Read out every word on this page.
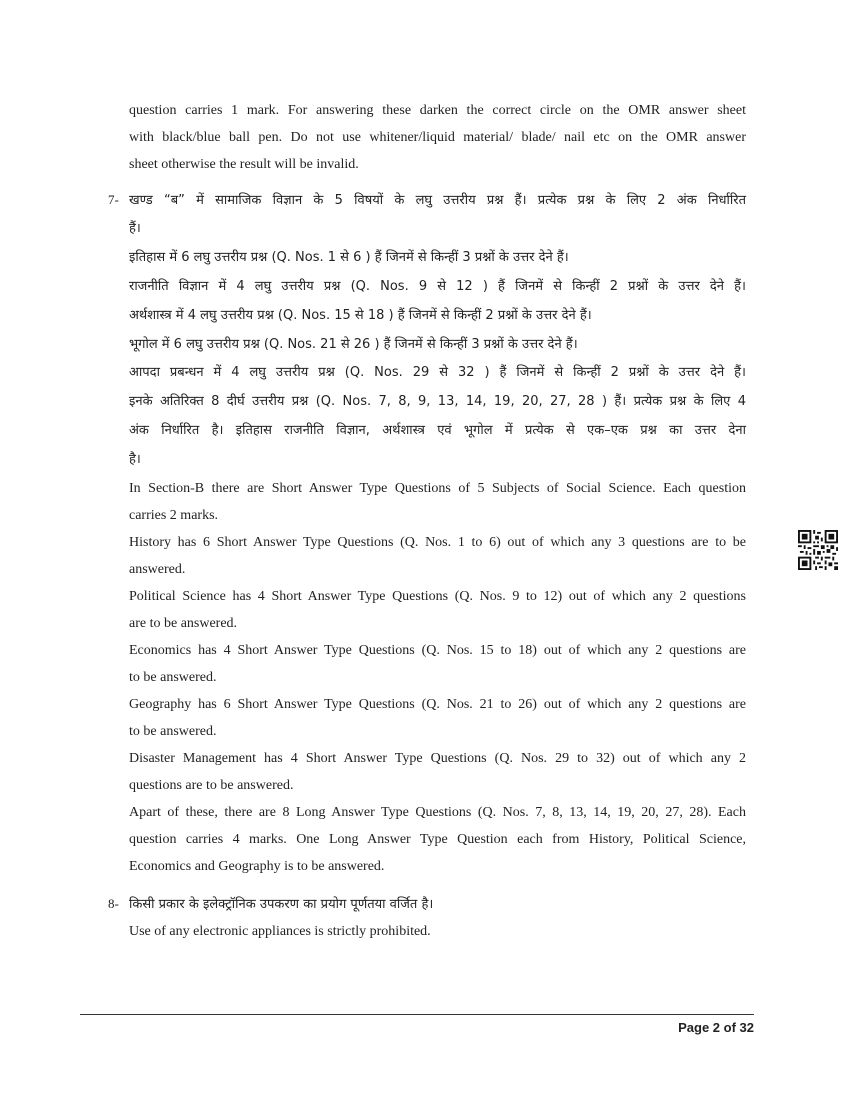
question carries 1 mark. For answering these darken the correct circle on the OMR answer sheet
with black/blue ball pen. Do not use whitener/liquid material/ blade/ nail etc on the OMR answer
sheet otherwise the result will be invalid.
7- खण्ड “ब” में सामाजिक विज्ञान के 5 विषयों के लघु उत्तरीय प्रश्न हैं। प्रत्येक प्रश्न के लिए 2 अंक निर्धारित
हैं।
इतिहास में 6 लघु उत्तरीय प्रश्न (Q. Nos. 1 से 6 ) हैं जिनमें से किन्हीं 3 प्रश्नों के उत्तर देने हैं।
राजनीति विज्ञान में 4 लघु उत्तरीय प्रश्न (Q. Nos. 9 से 12 ) हैं जिनमें से किन्हीं 2 प्रश्नों के उत्तर देने हैं।
अर्थशास्त्र में 4 लघु उत्तरीय प्रश्न (Q. Nos. 15 से 18 ) हैं जिनमें से किन्हीं 2 प्रश्नों के उत्तर देने हैं।
भूगोल में 6 लघु उत्तरीय प्रश्न (Q. Nos. 21 से 26 ) हैं जिनमें से किन्हीं 3 प्रश्नों के उत्तर देने हैं।
आपदा प्रबन्धन में 4 लघु उत्तरीय प्रश्न (Q. Nos. 29 से 32 ) हैं जिनमें से किन्हीं 2 प्रश्नों के उत्तर देने हैं।
इनके अतिरिक्त 8 दीर्घ उत्तरीय प्रश्न (Q. Nos. 7, 8, 9, 13, 14, 19, 20, 27, 28 ) हैं। प्रत्येक प्रश्न के लिए 4
अंक निर्धारित है। इतिहास राजनीति विज्ञान, अर्थशास्त्र एवं भूगोल में प्रत्येक से एक–एक प्रश्न का उत्तर देना
है।
In Section-B there are Short Answer Type Questions of 5 Subjects of Social Science. Each question
carries 2 marks.
History has 6 Short Answer Type Questions (Q. Nos. 1 to 6) out of which any 3 questions are to be
answered.
Political Science has 4 Short Answer Type Questions (Q. Nos. 9 to 12) out of which any 2 questions
are to be answered.
Economics has 4 Short Answer Type Questions (Q. Nos. 15 to 18) out of which any 2 questions are
to be answered.
Geography has 6 Short Answer Type Questions (Q. Nos. 21 to 26) out of which any 2 questions are
to be answered.
Disaster Management has 4 Short Answer Type Questions (Q. Nos. 29 to 32) out of which any 2
questions are to be answered.
Apart of these, there are 8 Long Answer Type Questions (Q. Nos. 7, 8, 13, 14, 19, 20, 27, 28). Each
question carries 4 marks. One Long Answer Type Question each from History, Political Science,
Economics and Geography is to be answered.
8- किसी प्रकार के इलेक्ट्रॉनिक उपकरण का प्रयोग पूर्णतया वर्जित है।
Use of any electronic appliances is strictly prohibited.
Page 2 of 32
